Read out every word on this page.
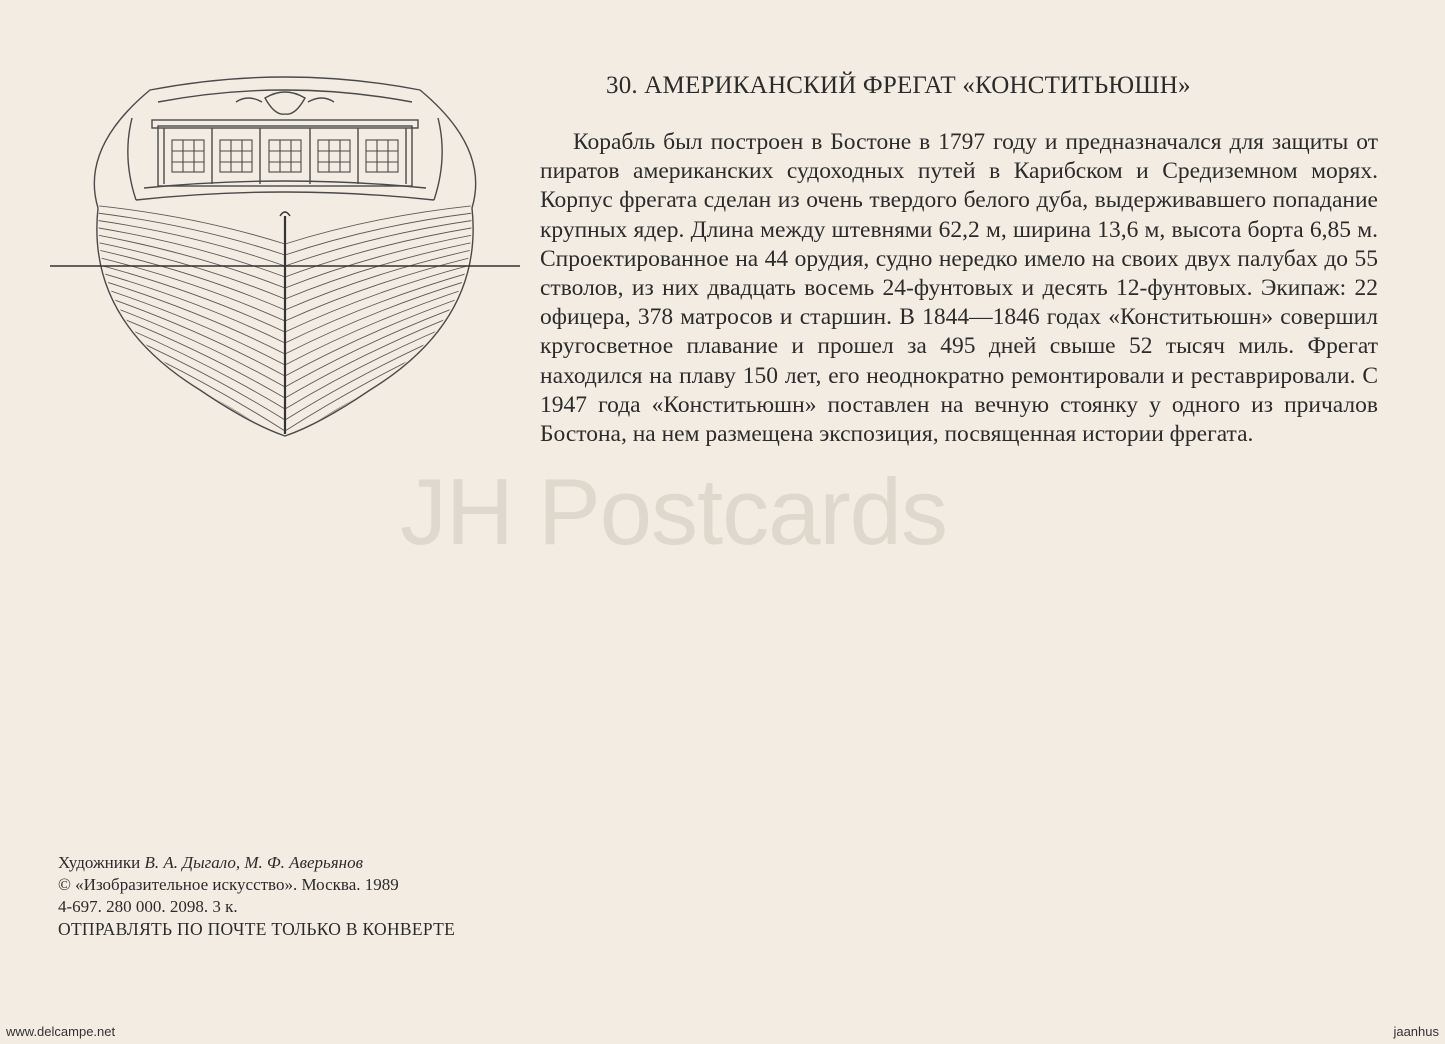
30. АМЕРИКАНСКИЙ ФРЕГАТ «КОНСТИТЬЮШН»
Корабль был построен в Бостоне в 1797 году и предназначался для защиты от пиратов американских судоходных путей в Карибском и Средиземном морях. Корпус фрегата сделан из очень твердого белого дуба, выдерживавшего попадание крупных ядер. Длина между штевнями 62,2 м, ширина 13,6 м, высота борта 6,85 м. Спроектированное на 44 орудия, судно нередко имело на своих двух палубах до 55 стволов, из них двадцать восемь 24-фунтовых и десять 12-фунтовых. Экипаж: 22 офицера, 378 матросов и старшин. В 1844—1846 годах «Конститьюшн» совершил кругосветное плавание и прошел за 495 дней свыше 52 тысяч миль. Фрегат находился на плаву 150 лет, его неоднократно ремонтировали и реставрировали. С 1947 года «Конститьюшн» поставлен на вечную стоянку у одного из причалов Бостона, на нем размещена экспозиция, посвященная истории фрегата.
JH Postcards
Художники В. А. Дыгало, М. Ф. Аверьянов
© «Изобразительное искусство». Москва. 1989
4-697. 280 000. 2098. 3 к.
ОТПРАВЛЯТЬ ПО ПОЧТЕ ТОЛЬКО В КОНВЕРТЕ
www.delcampe.net	jaanhus
